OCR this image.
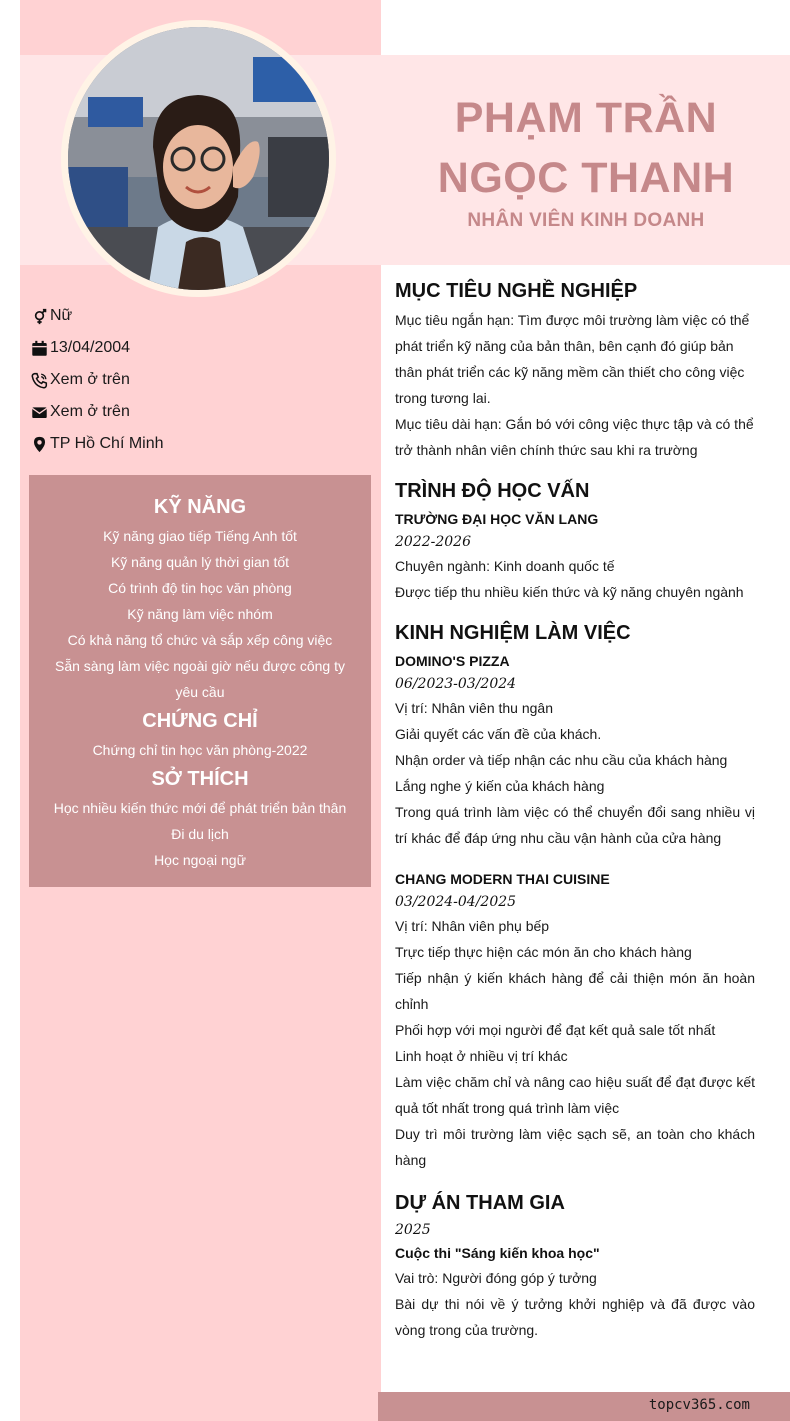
PHẠM TRẦN
NGỌC THANH
NHÂN VIÊN KINH DOANH
Nữ
13/04/2004
Xem ở trên
Xem ở trên
TP Hồ Chí Minh
KỸ NĂNG
Kỹ năng giao tiếp Tiếng Anh tốt
Kỹ năng quản lý thời gian tốt
Có trình độ tin học văn phòng
Kỹ năng làm việc nhóm
Có khả năng tổ chức và sắp xếp công việc
Sẵn sàng làm việc ngoài giờ nếu được công ty yêu cầu
CHỨNG CHỈ
Chứng chỉ tin học văn phòng-2022
SỞ THÍCH
Học nhiều kiến thức mới để phát triển bản thân
Đi du lịch
Học ngoại ngữ
MỤC TIÊU NGHỀ NGHIỆP

Mục tiêu ngắn hạn: Tìm được môi trường làm việc có thể phát triển kỹ năng của bản thân, bên cạnh đó giúp bản thân phát triển các kỹ năng mềm cần thiết cho công việc trong tương lai.

Mục tiêu dài hạn: Gắn bó với công việc thực tập và có thể trở thành nhân viên chính thức sau khi ra trường

TRÌNH ĐỘ HỌC VẤN
TRƯỜNG ĐẠI HỌC VĂN LANG
2022-2026

Chuyên ngành: Kinh doanh quốc tế

Được tiếp thu nhiều kiến thức và kỹ năng chuyên ngành

KINH NGHIỆM LÀM VIỆC
DOMINO'S PIZZA
06/2023-03/2024

Vị trí: Nhân viên thu ngân

Giải quyết các vấn đề của khách.

Nhận order và tiếp nhận các nhu cầu của khách hàng

Lắng nghe ý kiến của khách hàng

Trong quá trình làm việc có thể chuyển đổi sang nhiều vị trí khác để đáp ứng nhu cầu vận hành của cửa hàng

CHANG MODERN THAI CUISINE
03/2024-04/2025

Vị trí: Nhân viên phụ bếp

Trực tiếp thực hiện các món ăn cho khách hàng

Tiếp nhận ý kiến khách hàng để cải thiện món ăn hoàn chỉnh

Phối hợp với mọi người để đạt kết quả sale tốt nhất

Linh hoạt ở nhiều vị trí khác

Làm việc chăm chỉ và nâng cao hiệu suất để đạt được kết quả tốt nhất trong quá trình làm việc

Duy trì môi trường làm việc sạch sẽ, an toàn cho khách hàng

DỰ ÁN THAM GIA
2025
Cuộc thi "Sáng kiến khoa học"

Vai trò: Người đóng góp ý tưởng

Bài dự thi nói về ý tưởng khởi nghiệp và đã được vào vòng trong của trường.

topcv365.com
